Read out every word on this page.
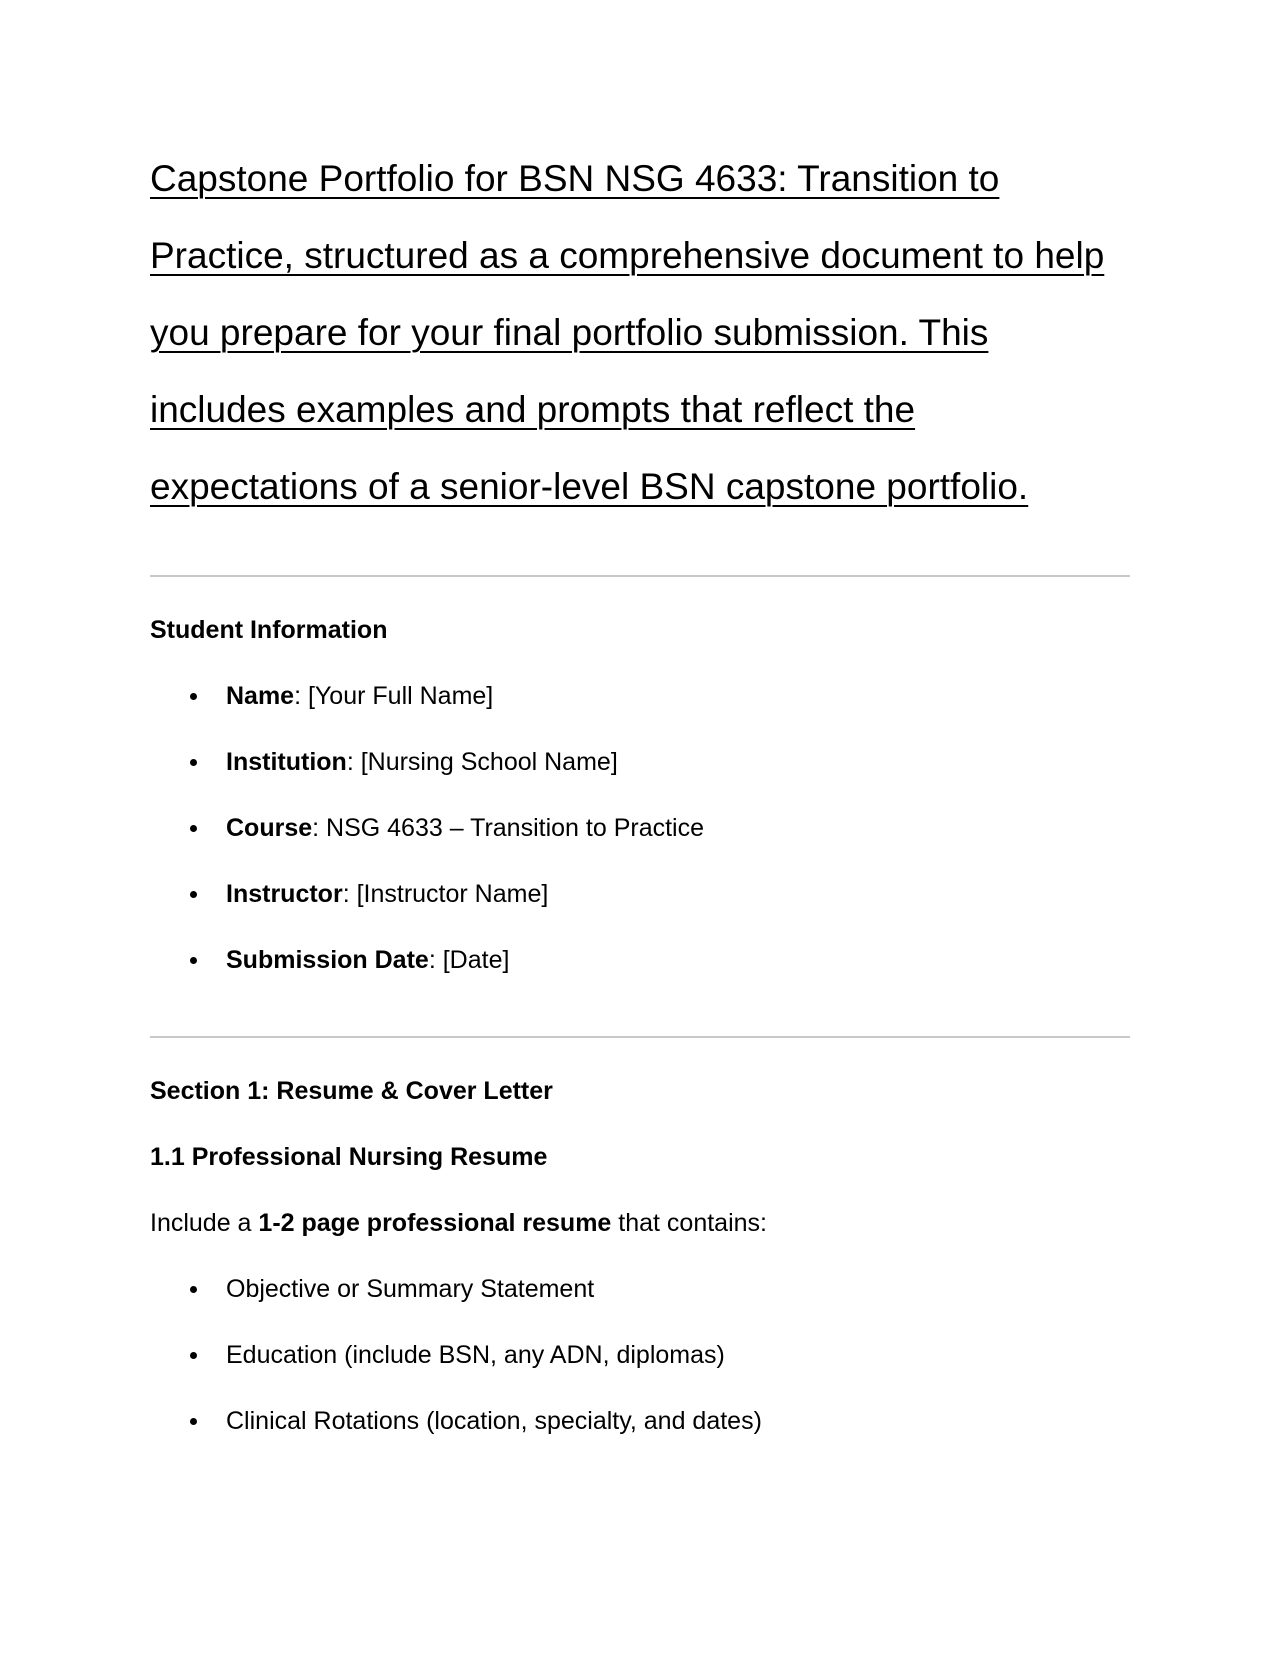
Capstone Portfolio for BSN NSG 4633: Transition to Practice, structured as a comprehensive document to help you prepare for your final portfolio submission. This includes examples and prompts that reflect the expectations of a senior-level BSN capstone portfolio.
Student Information
Name: [Your Full Name]
Institution: [Nursing School Name]
Course: NSG 4633 – Transition to Practice
Instructor: [Instructor Name]
Submission Date: [Date]
Section 1: Resume & Cover Letter
1.1 Professional Nursing Resume

Include a 1-2 page professional resume that contains:

Objective or Summary Statement
Education (include BSN, any ADN, diplomas)
Clinical Rotations (location, specialty, and dates)
